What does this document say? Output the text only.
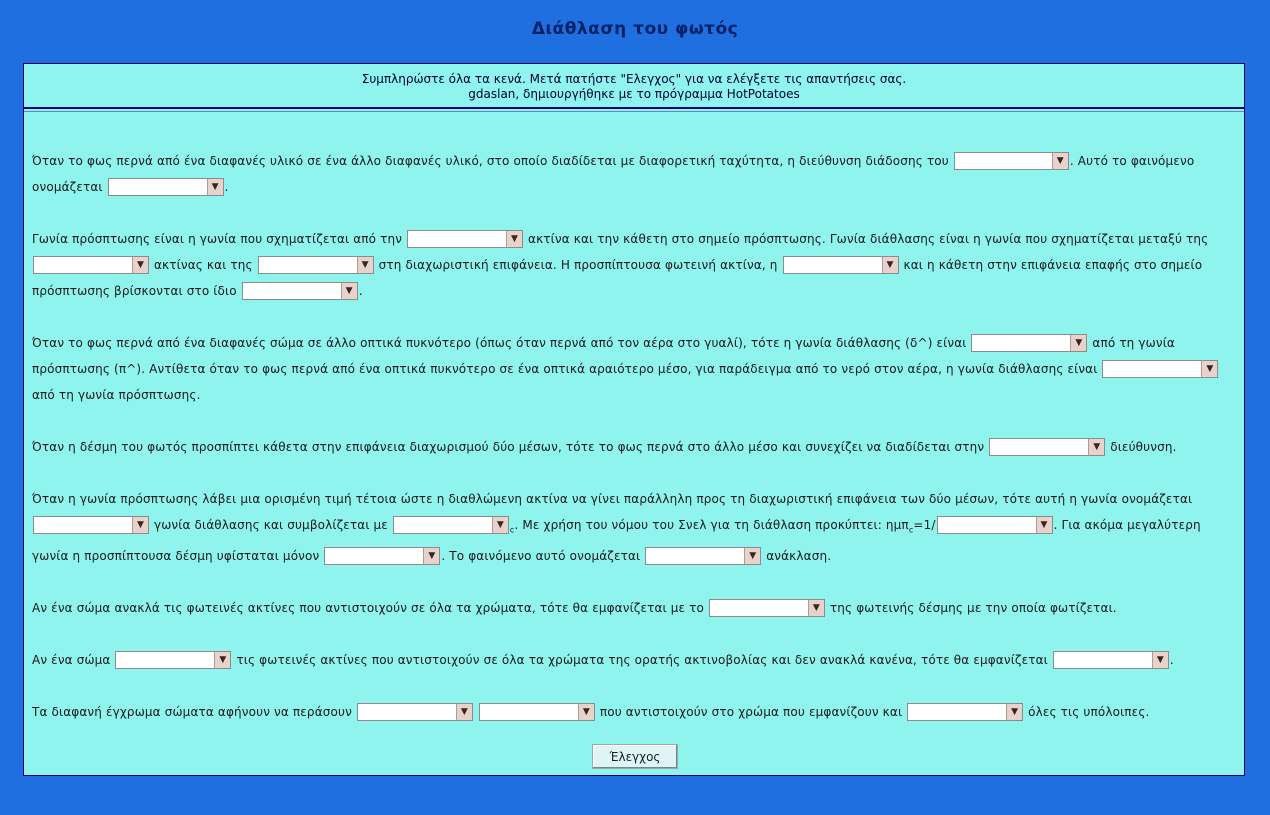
Διάθλαση του φωτός
Συμπληρώστε όλα τα κενά. Μετά πατήστε "Ελεγχος" για να ελέγξετε τις απαντήσεις σας.
gdaslan, δημιουργήθηκε με το πρόγραμμα HotPotatoes
Όταν το φως περνά από ένα διαφανές υλικό σε ένα άλλο διαφανές υλικό, στο οποίο διαδίδεται με διαφορετική ταχύτητα, η διεύθυνση διάδοσης του	▼ . Αυτό το φαινόμενο ονομάζεται	▼ .
Γωνία πρόσπτωσης είναι η γωνία που σχηματίζεται από την	▼ ακτίνα και την κάθετη στο σημείο πρόσπτωσης. Γωνία διάθλασης είναι η γωνία που σχηματίζεται μεταξύ της
▼ ακτίνας και της	▼ στη διαχωριστική επιφάνεια. Η προσπίπτουσα φωτεινή ακτίνα, η	▼ και η κάθετη στην επιφάνεια επαφής στο σημείο πρόσπτωσης βρίσκονται στο ίδιο	▼ .
Όταν το φως περνά από ένα διαφανές σώμα σε άλλο οπτικά πυκνότερο (όπως όταν περνά από τον αέρα στο γυαλί), τότε η γωνία διάθλασης (δ^) είναι	▼ από τη γωνία πρόσπτωσης (π^). Αντίθετα όταν το φως περνά από ένα οπτικά πυκνότερο σε ένα οπτικά αραιότερο μέσο, για παράδειγμα από το νερό στον αέρα, η γωνία διάθλασης είναι	▼
από τη γωνία πρόσπτωσης.
Όταν η δέσμη του φωτός προσπίπτει κάθετα στην επιφάνεια διαχωρισμού δύο μέσων, τότε το φως περνά στο άλλο μέσο και συνεχίζει να διαδίδεται στην	▼ διεύθυνση.
Όταν η γωνία πρόσπτωσης λάβει μια ορισμένη τιμή τέτοια ώστε η διαθλώμενη ακτίνα να γίνει παράλληλη προς τη διαχωριστική επιφάνεια των δύο μέσων, τότε αυτή η γωνία ονομάζεται
▼ γωνία διάθλασης και συμβολίζεται με	▼
$_c$. Με χρήση του νόμου του Σνελ για τη διάθλαση προκύπτει: ημπ$_c$=1/	▼ . Για ακόμα μεγαλύτερη γωνία η προσπίπτουσα δέσμη υφίσταται μόνον	▼ . Το φαινόμενο αυτό ονομάζεται	▼ ανάκλαση.
Αν ένα σώμα ανακλά τις φωτεινές ακτίνες που αντιστοιχούν σε όλα τα χρώματα, τότε θα εμφανίζεται με το	▼ της φωτεινής δέσμης με την οποία φωτίζεται.
Αν ένα σώμα	▼ τις φωτεινές ακτίνες που αντιστοιχούν σε όλα τα χρώματα της ορατής ακτινοβολίας και δεν ανακλά κανένα, τότε θα εμφανίζεται	▼ .
Τα διαφανή έγχρωμα σώματα αφήνουν να περάσουν	▼
	▼ που αντιστοιχούν στο χρώμα που εμφανίζουν και	▼ όλες τις υπόλοιπες.
Έλεγχος
